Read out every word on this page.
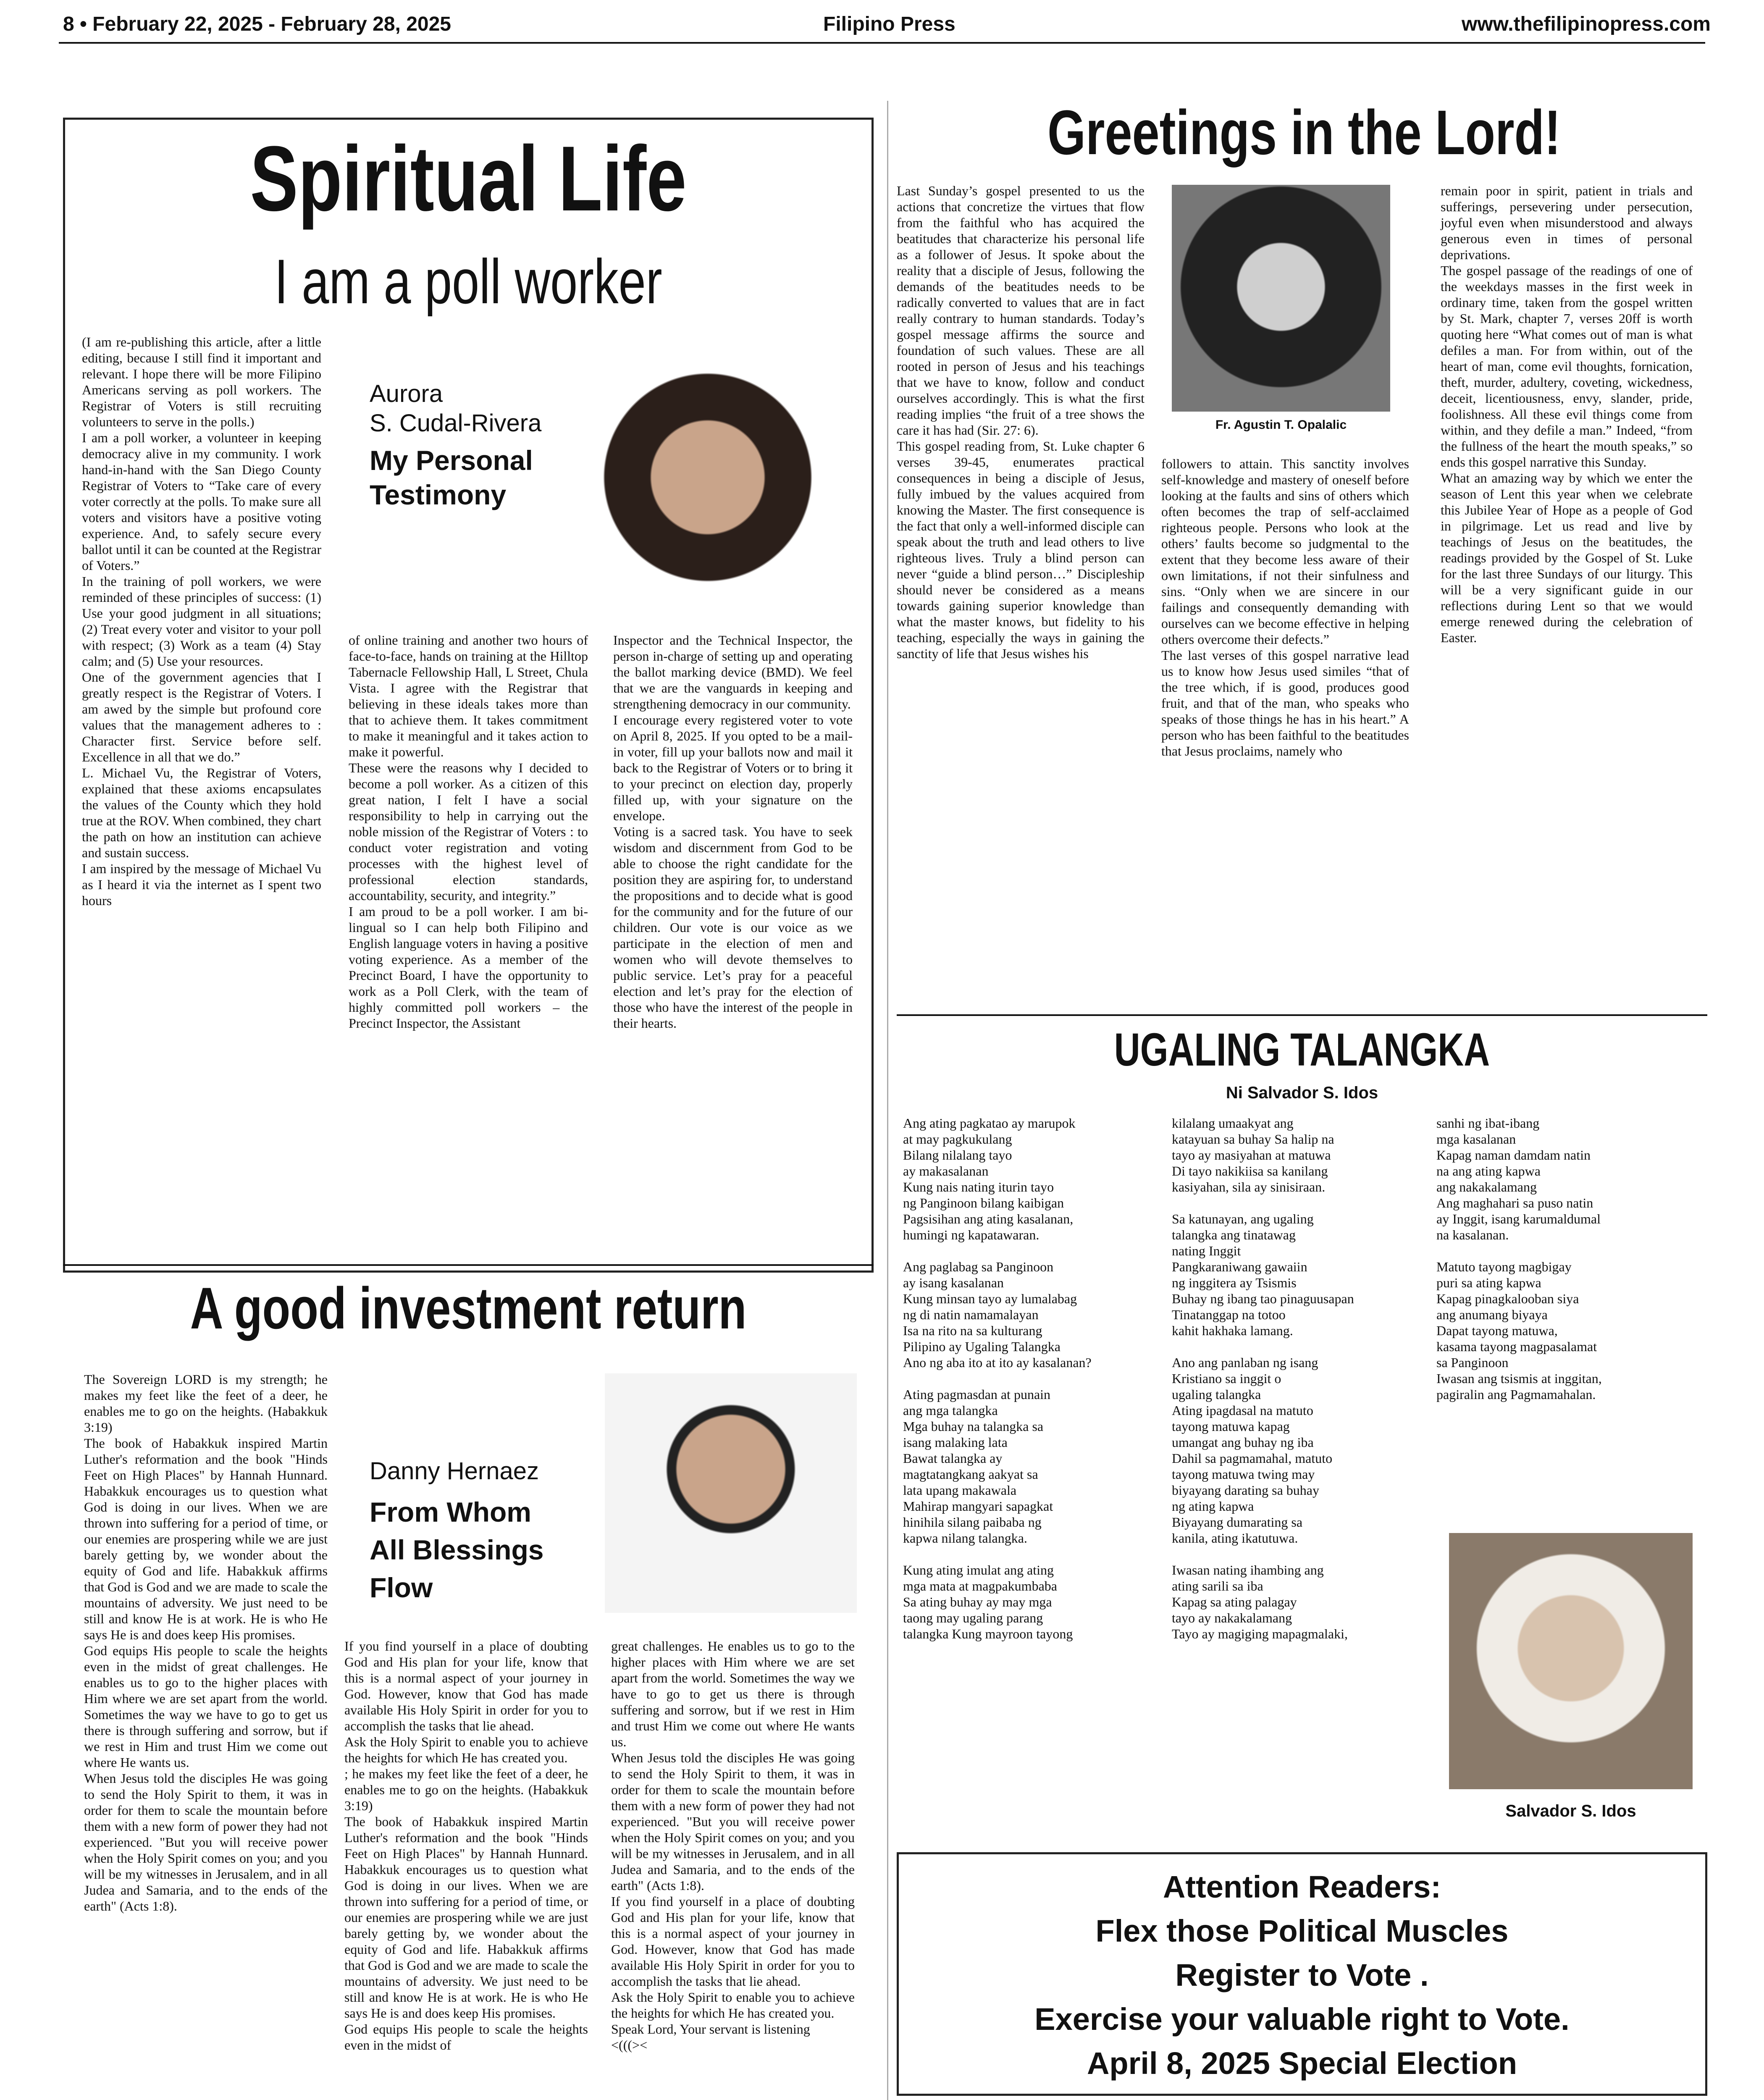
8 • February 22, 2025 - February 28, 2025	Filipino Press	www.thefilipinopress.com
Spiritual Life
I am a poll worker
Aurora
S. Cudal-Rivera
My Personal Testimony
(I am re-publishing this article, after a little editing, because I still find it important and relevant. I hope there will be more Filipino Americans serving as poll workers. The Registrar of Voters is still recruiting volunteers to serve in the polls.)
I am a poll worker, a volunteer in keeping democracy alive in my community. I work hand-in-hand with the San Diego County Registrar of Voters to “Take care of every voter correctly at the polls. To make sure all voters and visitors have a positive voting experience. And, to safely secure every ballot until it can be counted at the Registrar of Voters.”
In the training of poll workers, we were reminded of these principles of success: (1) Use your good judgment in all situations; (2) Treat every voter and visitor to your poll with respect; (3) Work as a team (4) Stay calm; and (5) Use your resources.
One of the government agencies that I greatly respect is the Registrar of Voters. I am awed by the simple but profound core values that the management adheres to : Character first. Service before self. Excellence in all that we do.”
L. Michael Vu, the Registrar of Voters, explained that these axioms encapsulates the values of the County which they hold true at the ROV. When combined, they chart the path on how an institution can achieve and sustain success.
I am inspired by the message of Michael Vu as I heard it via the internet as I spent two hours
of online training and another two hours of face-to-face, hands on training at the Hilltop Tabernacle Fellowship Hall, L Street, Chula Vista. I agree with the Registrar that believing in these ideals takes more than that to achieve them. It takes commitment to make it meaningful and it takes action to make it powerful.
These were the reasons why I decided to become a poll worker. As a citizen of this great nation, I felt I have a social responsibility to help in carrying out the noble mission of the Registrar of Voters : to conduct voter registration and voting processes with the highest level of professional election standards, accountability, security, and integrity.”
I am proud to be a poll worker. I am bi-lingual so I can help both Filipino and English language voters in having a positive voting experience. As a member of the Precinct Board, I have the opportunity to work as a Poll Clerk, with the team of highly committed poll workers – the Precinct Inspector, the Assistant
Inspector and the Technical Inspector, the person in-charge of setting up and operating the ballot marking device (BMD). We feel that we are the vanguards in keeping and strengthening democracy in our community.
I encourage every registered voter to vote on April 8, 2025. If you opted to be a mail-in voter, fill up your ballots now and mail it back to the Registrar of Voters or to bring it to your precinct on election day, properly filled up, with your signature on the envelope.
Voting is a sacred task. You have to seek wisdom and discernment from God to be able to choose the right candidate for the position they are aspiring for, to understand the propositions and to decide what is good for the community and for the future of our children. Our vote is our voice as we participate in the election of men and women who will devote themselves to public service. Let’s pray for a peaceful election and let’s pray for the election of those who have the interest of the people in their hearts.
A good investment return
Danny Hernaez
From Whom All Blessings Flow
The Sovereign LORD is my strength; he makes my feet like the feet of a deer, he enables me to go on the heights. (Habakkuk 3:19)
The book of Habakkuk inspired Martin Luther's reformation and the book "Hinds Feet on High Places" by Hannah Hunnard. Habakkuk encourages us to question what God is doing in our lives. When we are thrown into suffering for a period of time, or our enemies are prospering while we are just barely getting by, we wonder about the equity of God and life. Habakkuk affirms that God is God and we are made to scale the mountains of adversity. We just need to be still and know He is at work. He is who He says He is and does keep His promises.
God equips His people to scale the heights even in the midst of great challenges. He enables us to go to the higher places with Him where we are set apart from the world. Sometimes the way we have to go to get us there is through suffering and sorrow, but if we rest in Him and trust Him we come out where He wants us.
When Jesus told the disciples He was going to send the Holy Spirit to them, it was in order for them to scale the mountain before them with a new form of power they had not experienced. "But you will receive power when the Holy Spirit comes on you; and you will be my witnesses in Jerusalem, and in all Judea and Samaria, and to the ends of the earth" (Acts 1:8).
If you find yourself in a place of doubting God and His plan for your life, know that this is a normal aspect of your journey in God. However, know that God has made available His Holy Spirit in order for you to accomplish the tasks that lie ahead.
Ask the Holy Spirit to enable you to achieve the heights for which He has created you.
; he makes my feet like the feet of a deer, he enables me to go on the heights. (Habakkuk 3:19)
The book of Habakkuk inspired Martin Luther's reformation and the book "Hinds Feet on High Places" by Hannah Hunnard. Habakkuk encourages us to question what God is doing in our lives. When we are thrown into suffering for a period of time, or our enemies are prospering while we are just barely getting by, we wonder about the equity of God and life. Habakkuk affirms that God is God and we are made to scale the mountains of adversity. We just need to be still and know He is at work. He is who He says He is and does keep His promises.
God equips His people to scale the heights even in the midst of
great challenges. He enables us to go to the higher places with Him where we are set apart from the world. Sometimes the way we have to go to get us there is through suffering and sorrow, but if we rest in Him and trust Him we come out where He wants us.
When Jesus told the disciples He was going to send the Holy Spirit to them, it was in order for them to scale the mountain before them with a new form of power they had not experienced. "But you will receive power when the Holy Spirit comes on you; and you will be my witnesses in Jerusalem, and in all Judea and Samaria, and to the ends of the earth" (Acts 1:8).
If you find yourself in a place of doubting God and His plan for your life, know that this is a normal aspect of your journey in God. However, know that God has made available His Holy Spirit in order for you to accomplish the tasks that lie ahead.
Ask the Holy Spirit to enable you to achieve the heights for which He has created you.
Speak Lord, Your servant is listening
<(((><
Greetings in the Lord!
Last Sunday’s gospel presented to us the actions that concretize the virtues that flow from the faithful who has acquired the beatitudes that characterize his personal life as a follower of Jesus. It spoke about the reality that a disciple of Jesus, following the demands of the beatitudes needs to be radically converted to values that are in fact really contrary to human standards. Today’s gospel message affirms the source and foundation of such values. These are all rooted in person of Jesus and his teachings that we have to know, follow and conduct ourselves accordingly. This is what the first reading implies “the fruit of a tree shows the care it has had (Sir. 27: 6).
This gospel reading from, St. Luke chapter 6 verses 39-45, enumerates practical consequences in being a disciple of Jesus, fully imbued by the values acquired from knowing the Master. The first consequence is the fact that only a well-informed disciple can speak about the truth and lead others to live righteous lives. Truly a blind person can never “guide a blind person…” Discipleship should never be considered as a means towards gaining superior knowledge than what the master knows, but fidelity to his teaching, especially the ways in gaining the sanctity of life that Jesus wishes his
Fr. Agustin T. Opalalic
followers to attain. This sanctity involves self-knowledge and mastery of oneself before looking at the faults and sins of others which often becomes the trap of self-acclaimed righteous people. Persons who look at the others’ faults become so judgmental to the extent that they become less aware of their own limitations, if not their sinfulness and sins. “Only when we are sincere in our failings and consequently demanding with ourselves can we become effective in helping others overcome their defects.”
The last verses of this gospel narrative lead us to know how Jesus used similes “that of the tree which, if is good, produces good fruit, and that of the man, who speaks who speaks of those things he has in his heart.” A person who has been faithful to the beatitudes that Jesus proclaims, namely who
remain poor in spirit, patient in trials and sufferings, persevering under persecution, joyful even when misunderstood and always generous even in times of personal deprivations.
The gospel passage of the readings of one of the weekdays masses in the first week in ordinary time, taken from the gospel written by St. Mark, chapter 7, verses 20ff is worth quoting here “What comes out of man is what defiles a man. For from within, out of the heart of man, come evil thoughts, fornication, theft, murder, adultery, coveting, wickedness, deceit, licentiousness, envy, slander, pride, foolishness. All these evil things come from within, and they defile a man.” Indeed, “from the fullness of the heart the mouth speaks,” so ends this gospel narrative this Sunday.
What an amazing way by which we enter the season of Lent this year when we celebrate this Jubilee Year of Hope as a people of God in pilgrimage. Let us read and live by teachings of Jesus on the beatitudes, the readings provided by the Gospel of St. Luke for the last three Sundays of our liturgy. This will be a very significant guide in our reflections during Lent so that we would emerge renewed during the celebration of Easter.
UGALING TALANGKA
Ni Salvador S. Idos
Ang ating pagkatao ay marupok
at may pagkukulang
Bilang nilalang tayo
ay makasalanan
Kung nais nating iturin tayo
ng Panginoon bilang kaibigan
Pagsisihan ang ating kasalanan,
humingi ng kapatawaran.

Ang paglabag sa Panginoon
ay isang kasalanan
Kung minsan tayo ay lumalabag
ng di natin namamalayan
Isa na rito na sa kulturang
Pilipino ay Ugaling Talangka
Ano ng aba ito at ito ay kasalanan?

Ating pagmasdan at punain
ang mga talangka
Mga buhay na talangka sa
isang malaking lata
Bawat talangka ay
magtatangkang aakyat sa
lata upang makawala
Mahirap mangyari sapagkat
hinihila silang paibaba ng
kapwa nilang talangka.

Kung ating imulat ang ating
mga mata at magpakumbaba
Sa ating buhay ay may mga
taong may ugaling parang
talangka Kung mayroon tayong
kilalang umaakyat ang
katayuan sa buhay Sa halip na
tayo ay masiyahan at matuwa
Di tayo nakikiisa sa kanilang
kasiyahan, sila ay sinisiraan.

Sa katunayan, ang ugaling
talangka ang tinatawag
nating Inggit
Pangkaraniwang gawaiin
ng inggitera ay Tsismis
Buhay ng ibang tao pinaguusapan
Tinatanggap na totoo
kahit hakhaka lamang.

Ano ang panlaban ng isang
Kristiano sa inggit o
ugaling talangka
Ating ipagdasal na matuto
tayong matuwa kapag
umangat ang buhay ng iba
Dahil sa pagmamahal, matuto
tayong matuwa twing may
biyayang darating sa buhay
ng ating kapwa
Biyayang dumarating sa
kanila, ating ikatutuwa.

Iwasan nating ihambing ang
ating sarili sa iba
Kapag sa ating palagay
tayo ay nakakalamang
Tayo ay magiging mapagmalaki,
sanhi ng ibat-ibang
mga kasalanan
Kapag naman damdam natin
na ang ating kapwa
ang nakakalamang
Ang maghahari sa puso natin
ay Inggit, isang karumaldumal
na kasalanan.

Matuto tayong magbigay
puri sa ating kapwa
Kapag pinagkalooban siya
ang anumang biyaya
Dapat tayong matuwa,
kasama tayong magpasalamat
sa Panginoon
Iwasan ang tsismis at inggitan,
pagiralin ang Pagmamahalan.
Salvador S. Idos
Attention Readers:
Flex those Political Muscles
Register to Vote .
Exercise your valuable right to Vote.
April 8, 2025 Special Election
